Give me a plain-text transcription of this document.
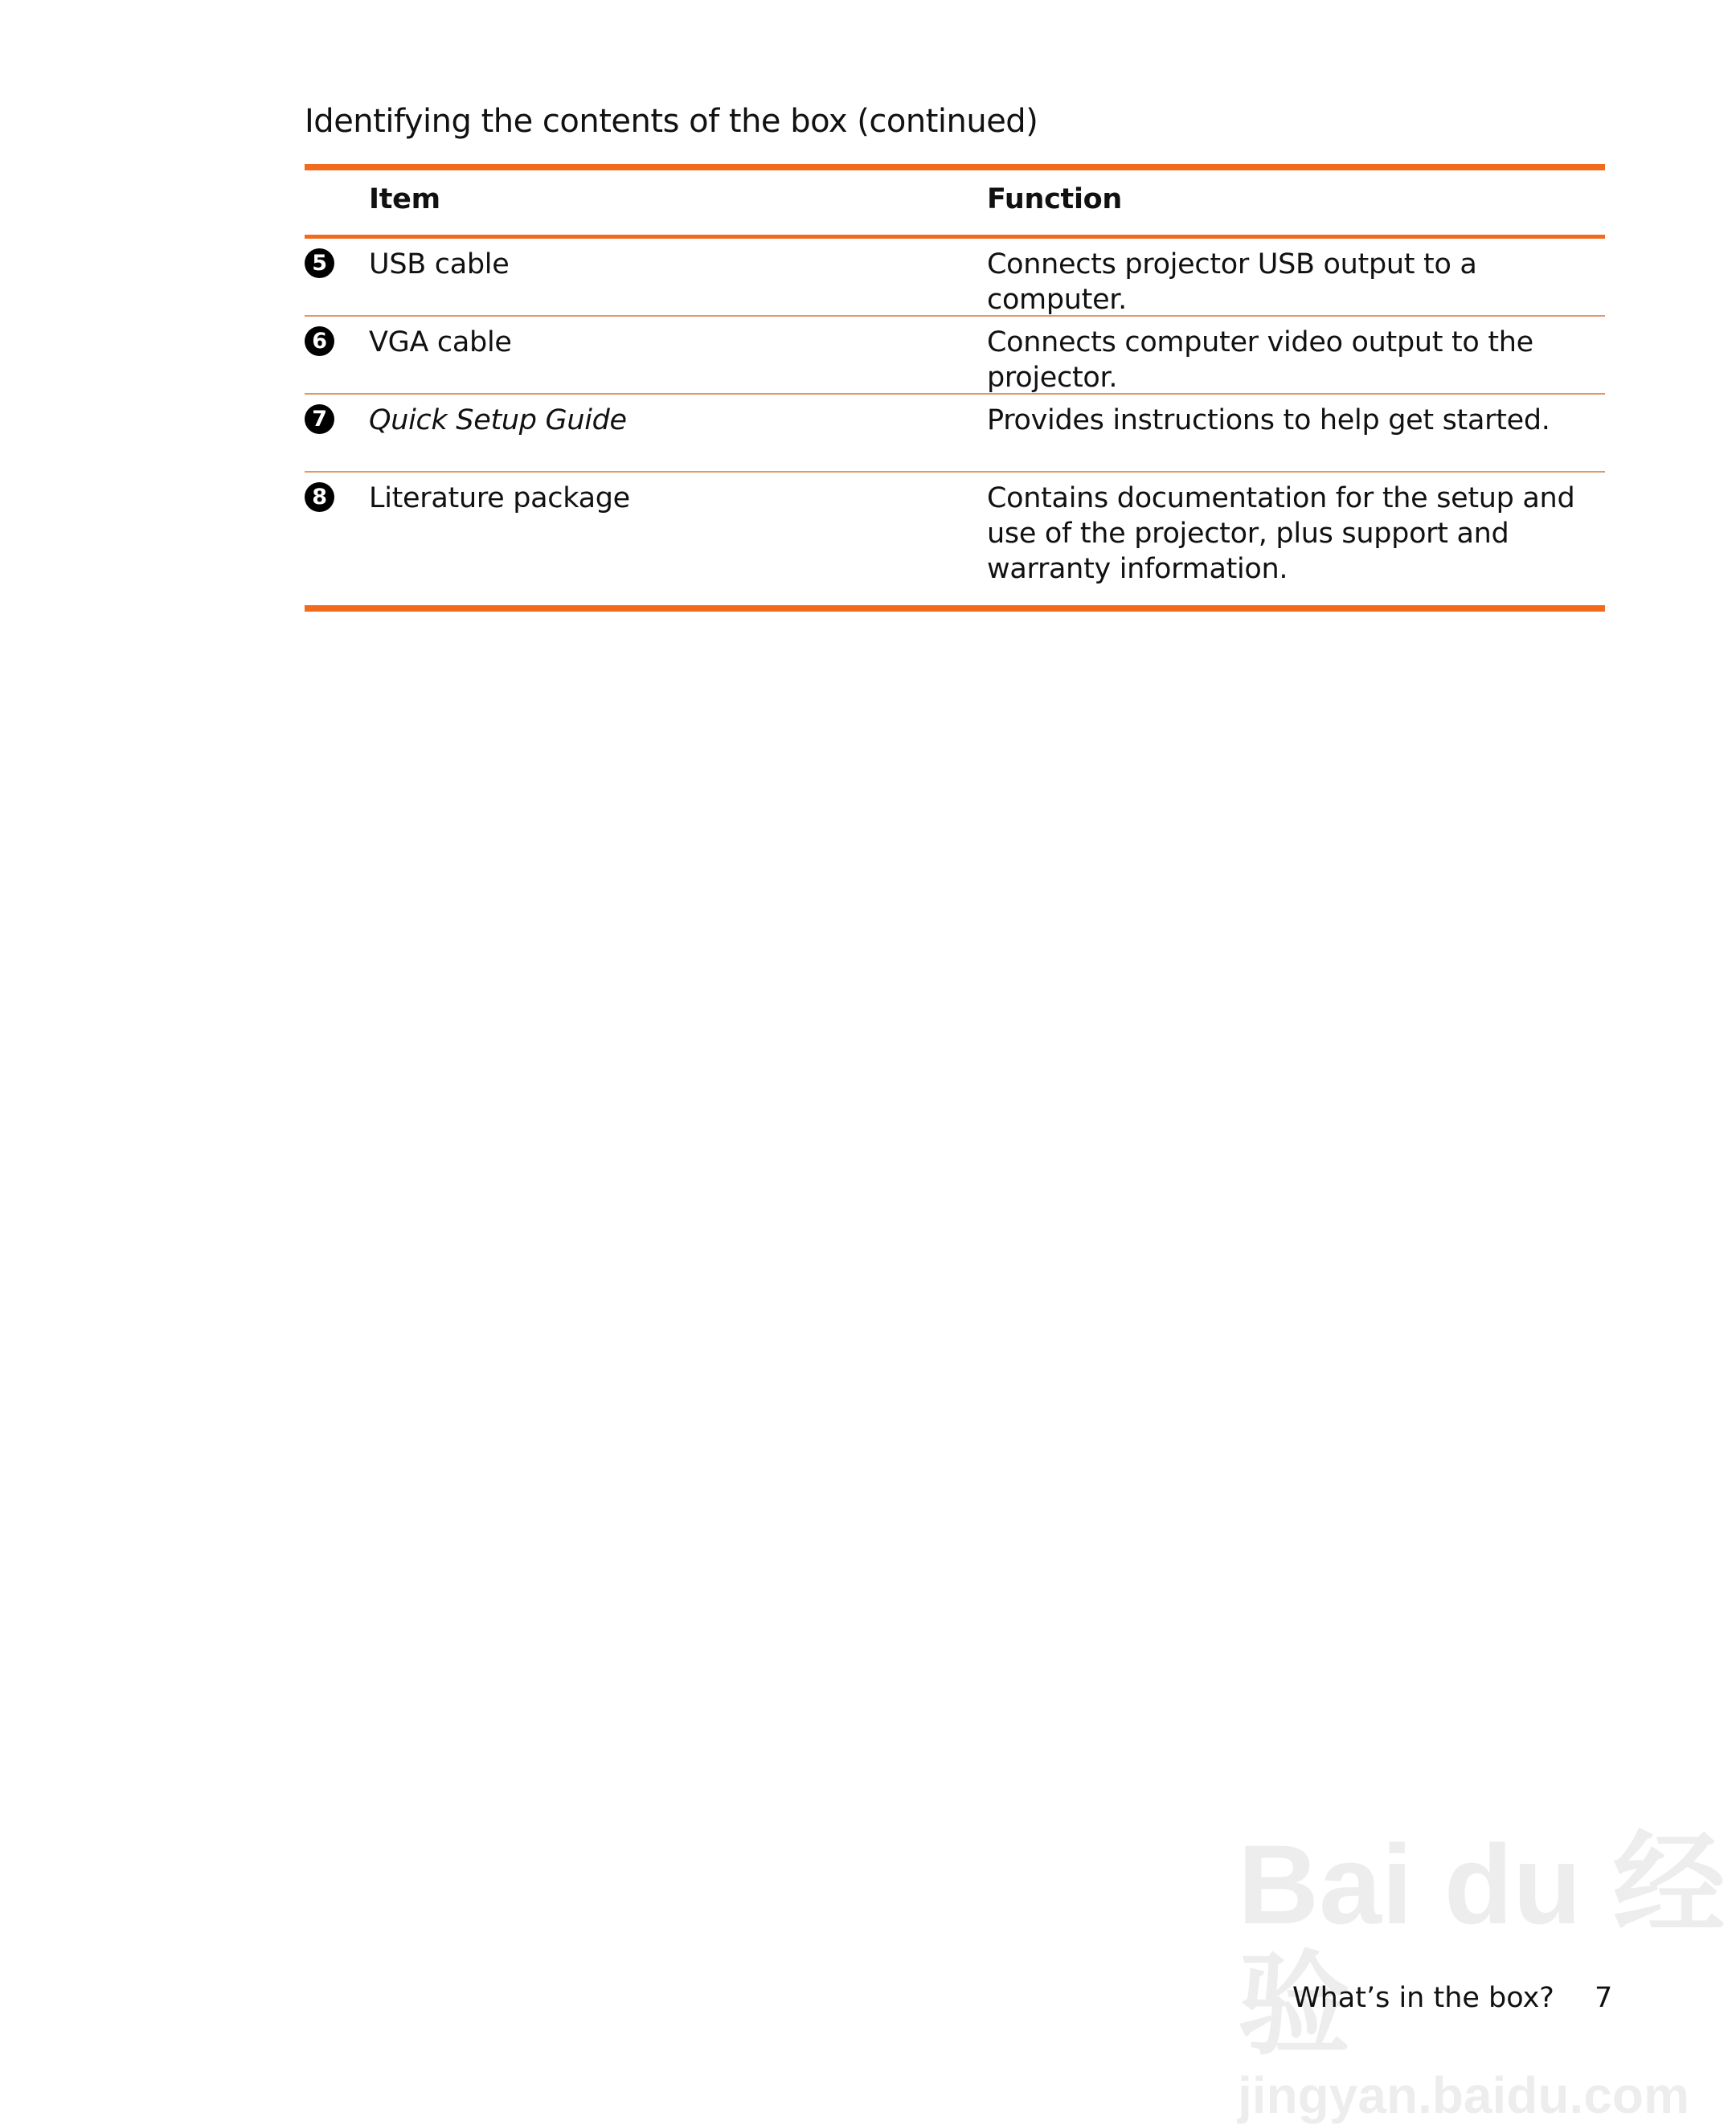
Bai du 经验
jingyan.baidu.com
Identifying the contents of the box (continued)
Item	Function
5 USB cable	Connects projector USB output to a computer.
6 VGA cable	Connects computer video output to the projector.
7 Quick Setup Guide	Provides instructions to help get started.
8 Literature package	Contains documentation for the setup and use of the projector, plus support and warranty information.
What’s in the box? 7
